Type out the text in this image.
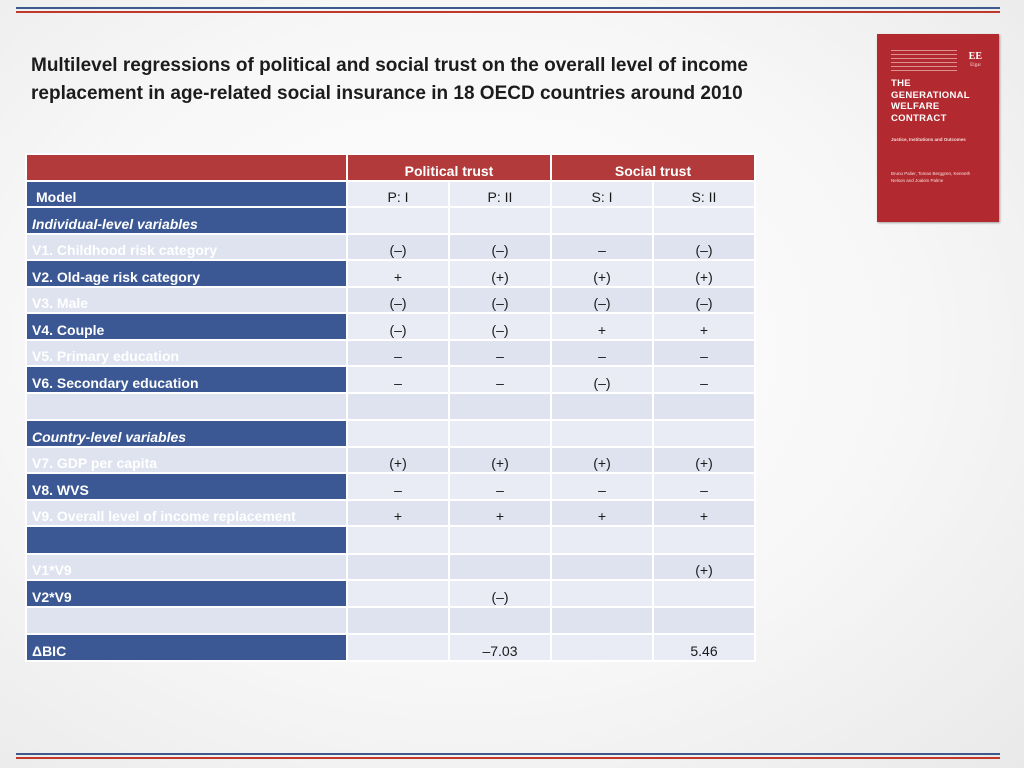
Multilevel regressions of political and social trust on the overall level of income replacement in age-related social insurance in 18 OECD countries around 2010
EE
Elgar
THE GENERATIONAL WELFARE CONTRACT
Justice, Institutions and Outcomes
Bruno Palier, Tomas Berggren, Kenneth Nelson and Joakim Palme
	Political trust		Social trust	
Model	P: I	P: II	S: I	S: II
Individual-level variables				
V1. Childhood risk category	(–)	(–)	–	(–)
V2. Old-age risk category	+	(+)	(+)	(+)
V3. Male	(–)	(–)	(–)	(–)
V4. Couple	(–)	(–)	+	+
V5. Primary education	–	–	–	–
V6. Secondary education	–	–	(–)	–

Country-level variables				
V7. GDP per capita	(+)	(+)	(+)	(+)
V8. WVS	–	–	–	–
V9. Overall level of income replacement	+	+	+	+

V1*V9				(+)
V2*V9		(–)		

ΔBIC		–7.03		5.46
